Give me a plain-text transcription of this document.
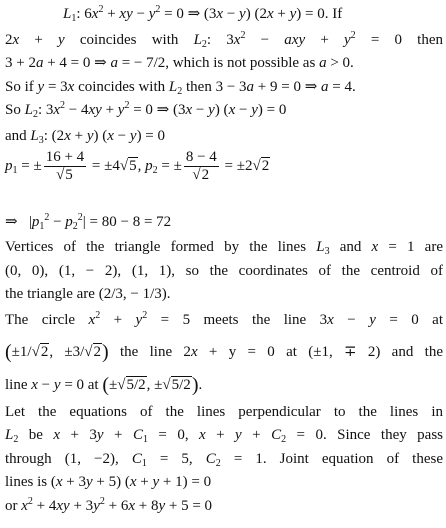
$L_1$: $6x^2$ + xy − $y^2 = 0$ ⇒ (3x − y) (2x + y) = 0. If
2x + y coincides with $L_2$: $3x^2$ − axy + $y^2 = 0$ then
3 + 2a + 4 = 0 ⇒ a = − 7/2, which is not possible as a > 0.
So if y = 3x coincides with $L_2$ then 3 − 3a + 9 = 0 ⇒ a = 4.
So $L_2$: $3x^2 - 4xy + y^2 = 0$ ⇒ (3x − y) (x − y) = 0
and $L_3$: (2x + y) (x − y) = 0
$p_1$ = ± $\frac{16 + 4}{√5} = \pm 4√5$, $p_2$ = ± $\frac{8 - 4}{√2} = \pm 2√2$
⇒   $|p_1^2 - p_2^2| = 80 - 8 = 72$
Vertices of the triangle formed by the lines $L_3$ and x = 1 are
(0, 0), (1, − 2), (1, 1), so the coordinates of the centroid of
the triangle are (2/3, − 1/3).
The circle $x^2 + y^2 = 5$ meets the line 3x − y = 0 at
(±1/√2, ±3/√2) the line 2x + y = 0 at (±1, ∓ 2) and the
line x − y = 0 at (±√5/2, ±√5/2).
Let the equations of the lines perpendicular to the lines in
$L_2$ be $x + 3y + C_1 = 0$, $x + y + C_2 = 0$. Since they pass
through (1, −2), $C_1 = 5$, $C_2 = 1$. Joint equation of these
lines is (x + 3y + 5) (x + y + 1) = 0
or $x^2 + 4xy + 3y^2 + 6x + 8y + 5 = 0$
